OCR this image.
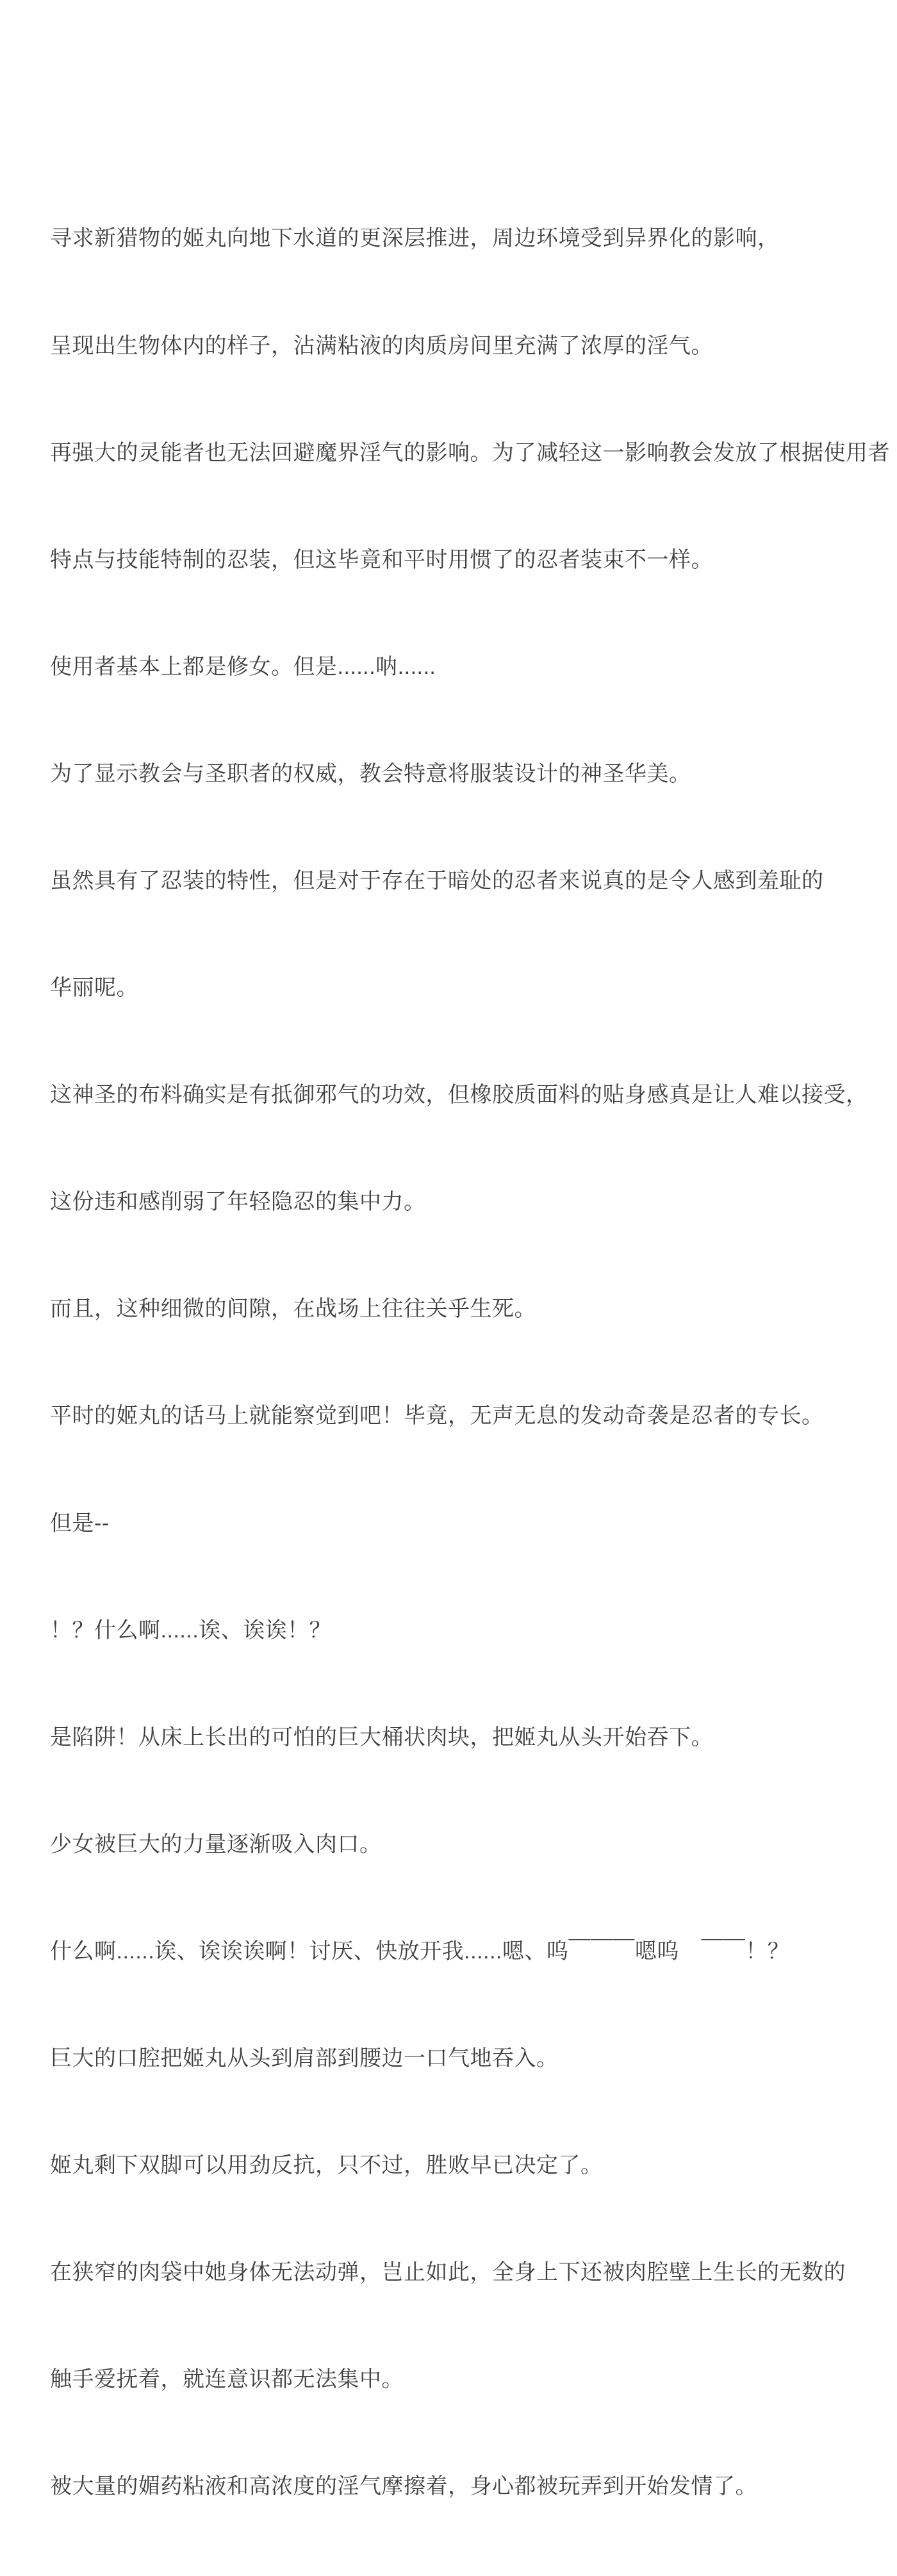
寻求新猎物的姬丸向地下水道的更深层推进，周边环境受到异界化的影响，

呈现出生物体内的样子，沾满粘液的肉质房间里充满了浓厚的淫气。

再强大的灵能者也无法回避魔界淫气的影响。为了减轻这一影响教会发放了根据使用者

特点与技能特制的忍装，但这毕竟和平时用惯了的忍者装束不一样。

使用者基本上都是修女。但是......呐......

为了显示教会与圣职者的权威，教会特意将服装设计的神圣华美。

虽然具有了忍装的特性，但是对于存在于暗处的忍者来说真的是令人感到羞耻的

华丽呢。

这神圣的布料确实是有抵御邪气的功效，但橡胶质面料的贴身感真是让人难以接受，

这份违和感削弱了年轻隐忍的集中力。

而且，这种细微的间隙，在战场上往往关乎生死。

平时的姬丸的话马上就能察觉到吧！毕竟，无声无息的发动奇袭是忍者的专长。

但是--

！？什么啊......诶、诶诶！？

是陷阱！从床上长出的可怕的巨大桶状肉块，把姬丸从头开始吞下。

少女被巨大的力量逐渐吸入肉口。

什么啊......诶、诶诶诶啊！讨厌、快放开我......嗯、呜￣￣￣嗯呜　￣￣！？

巨大的口腔把姬丸从头到肩部到腰边一口气地吞入。

姬丸剩下双脚可以用劲反抗，只不过，胜败早已决定了。

在狭窄的肉袋中她身体无法动弹，岂止如此，全身上下还被肉腔壁上生长的无数的

触手爱抚着，就连意识都无法集中。

被大量的媚药粘液和高浓度的淫气摩擦着，身心都被玩弄到开始发情了。
